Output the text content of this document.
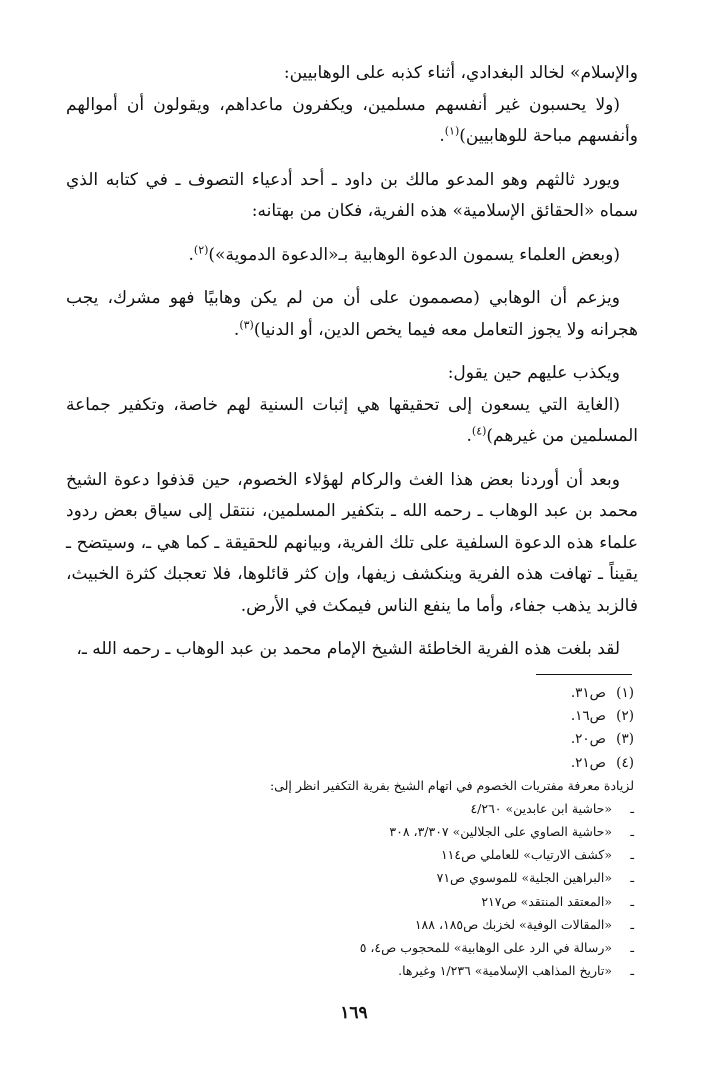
والإسلام» لخالد البغدادي، أثناء كذبه على الوهابيين:

(ولا يحسبون غير أنفسهم مسلمين، ويكفرون ماعداهم، ويقولون أن أموالهم وأنفسهم مباحة للوهابيين)$^{(١)}$.

ويورد ثالثهم وهو المدعو مالك بن داود ـ أحد أدعياء التصوف ـ في كتابه الذي سماه «الحقائق الإسلامية» هذه الفرية، فكان من بهتانه:

(وبعض العلماء يسمون الدعوة الوهابية بـ«الدعوة الدموية»)$^{(٢)}$.

ويزعم أن الوهابي (مصممون على أن من لم يكن وهابيًا فهو مشرك، يجب هجرانه ولا يجوز التعامل معه فيما يخص الدين، أو الدنيا)$^{(٣)}$.

ويكذب عليهم حين يقول:

(الغاية التي يسعون إلى تحقيقها هي إثبات السنية لهم خاصة، وتكفير جماعة المسلمين من غيرهم)$^{(٤)}$.

وبعد أن أوردنا بعض هذا الغث والركام لهؤلاء الخصوم، حين قذفوا دعوة الشيخ محمد بن عبد الوهاب ـ رحمه الله ـ بتكفير المسلمين، ننتقل إلى سياق بعض ردود علماء هذه الدعوة السلفية على تلك الفرية، وبيانهم للحقيقة ـ كما هي ـ، وسيتضح ـ يقيناً ـ تهافت هذه الفرية وينكشف زيفها، وإن كثر قائلوها، فلا تعجبك كثرة الخبيث، فالزبد يذهب جفاء، وأما ما ينفع الناس فيمكث في الأرض.

لقد بلغت هذه الفرية الخاطئة الشيخ الإمام محمد بن عبد الوهاب ـ رحمه الله ـ،

(١)ص٣١.
(٢)ص١٦.
(٣)ص٢٠.
(٤)ص٢١.
لزيادة معرفة مفتريات الخصوم في اتهام الشيخ بفرية التكفير انظر إلى:
ـ«حاشية ابن عابدين» ٤/٢٦٠
ـ«حاشية الصاوي على الجلالين» ٣/٣٠٧، ٣٠٨
ـ«كشف الارتياب» للعاملي ص١١٤
ـ«البراهين الجلية» للموسوي ص٧١
ـ«المعتقد المنتقد» ص٢١٧
ـ«المقالات الوفية» لخزبك ص١٨٥، ١٨٨
ـ«رسالة في الرد على الوهابية» للمحجوب ص٤، ٥
ـ«تاريخ المذاهب الإسلامية» ١/٢٣٦ وغيرها.
١٦٩
